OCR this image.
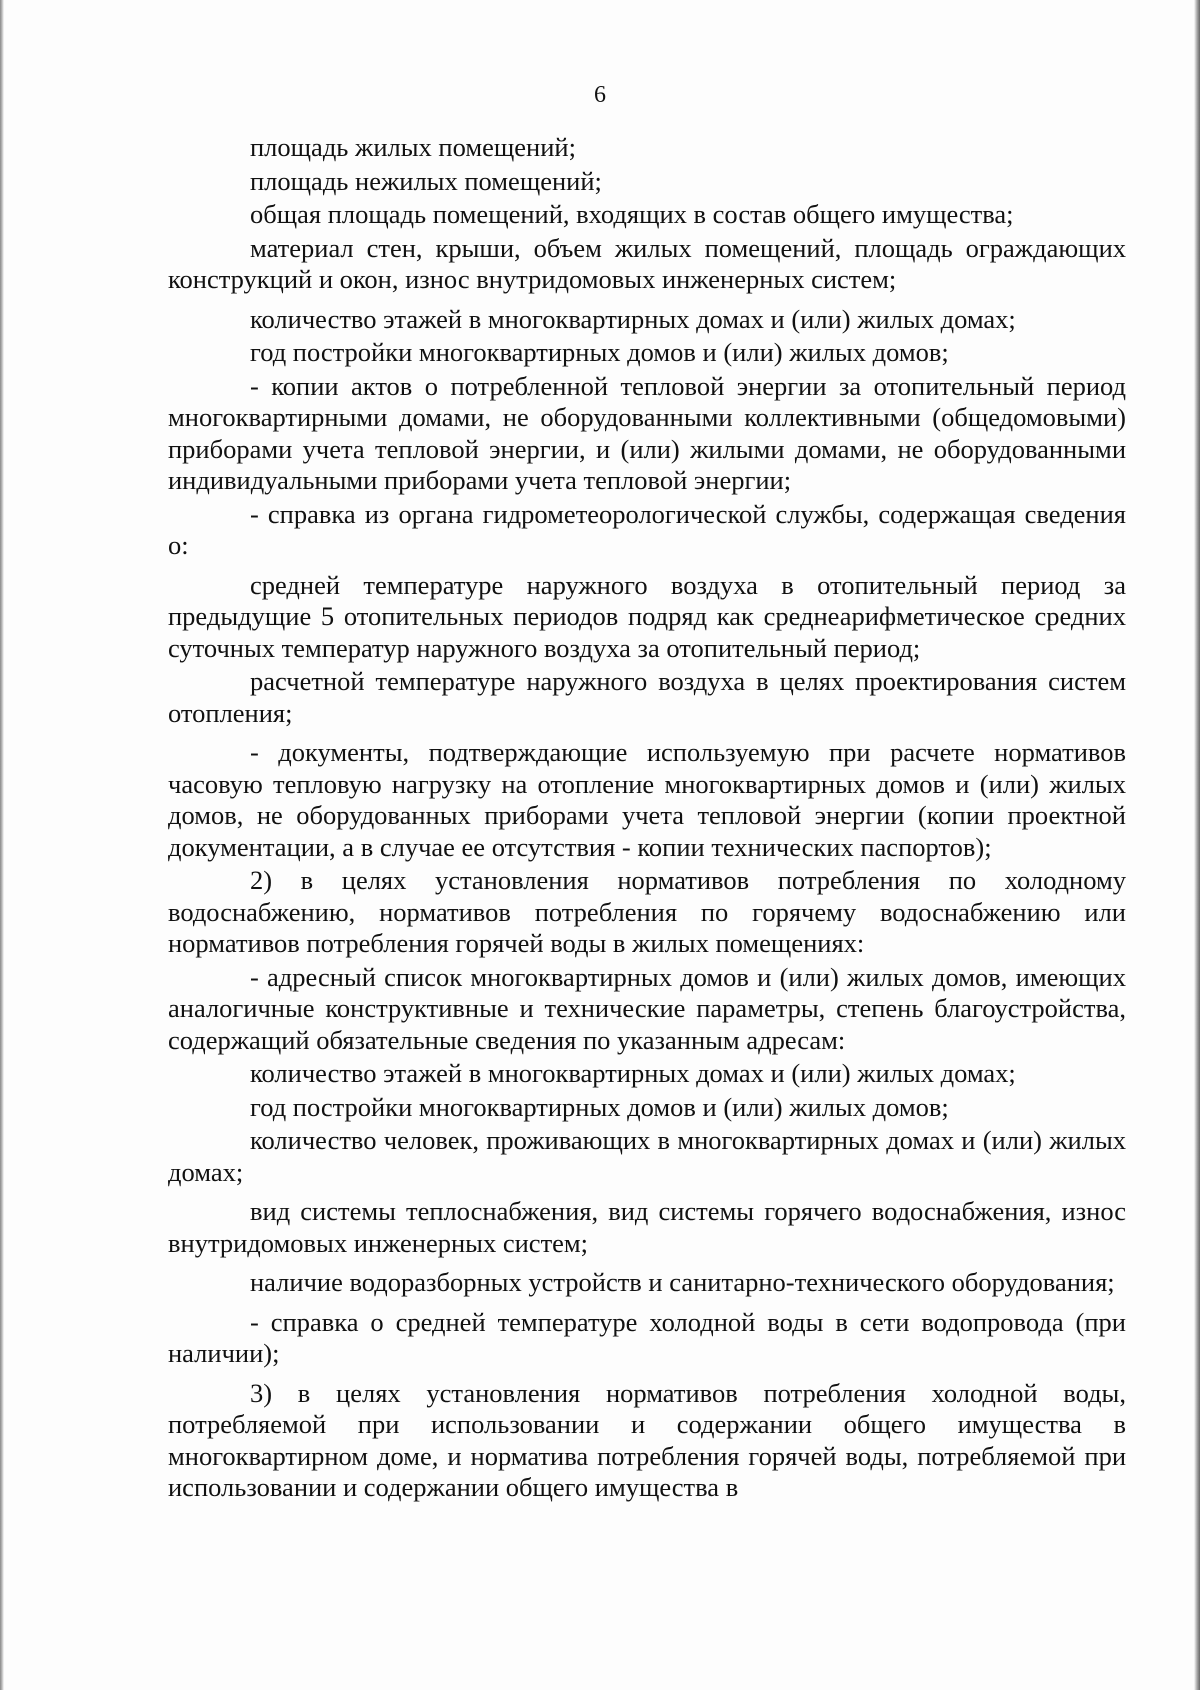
6

площадь жилых помещений;

площадь нежилых помещений;

общая площадь помещений, входящих в состав общего имущества;

материал стен, крыши, объем жилых помещений, площадь ограждающих конструкций и окон, износ внутридомовых инженерных систем;

количество этажей в многоквартирных домах и (или) жилых домах;

год постройки многоквартирных домов и (или) жилых домов;

- копии актов о потребленной тепловой энергии за отопительный период многоквартирными домами, не оборудованными коллективными (общедомовыми) приборами учета тепловой энергии, и (или) жилыми домами, не оборудованными индивидуальными приборами учета тепловой энергии;

- справка из органа гидрометеорологической службы, содержащая сведения о:

средней температуре наружного воздуха в отопительный период за предыдущие 5 отопительных периодов подряд как среднеарифметическое средних суточных температур наружного воздуха за отопительный период;

расчетной температуре наружного воздуха в целях проектирования систем отопления;

- документы, подтверждающие используемую при расчете нормативов часовую тепловую нагрузку на отопление многоквартирных домов и (или) жилых домов, не оборудованных приборами учета тепловой энергии (копии проектной документации, а в случае ее отсутствия - копии технических паспортов);

2) в целях установления нормативов потребления по холодному водоснабжению, нормативов потребления по горячему водоснабжению или нормативов потребления горячей воды в жилых помещениях:

- адресный список многоквартирных домов и (или) жилых домов, имеющих аналогичные конструктивные и технические параметры, степень благоустройства, содержащий обязательные сведения по указанным адресам:

количество этажей в многоквартирных домах и (или) жилых домах;

год постройки многоквартирных домов и (или) жилых домов;

количество человек, проживающих в многоквартирных домах и (или) жилых домах;

вид системы теплоснабжения, вид системы горячего водоснабжения, износ внутридомовых инженерных систем;

наличие водоразборных устройств и санитарно-технического оборудования;

- справка о средней температуре холодной воды в сети водопровода (при наличии);

3) в целях установления нормативов потребления холодной воды, потребляемой при использовании и содержании общего имущества в многоквартирном доме, и норматива потребления горячей воды, потребляемой при использовании и содержании общего имущества в
